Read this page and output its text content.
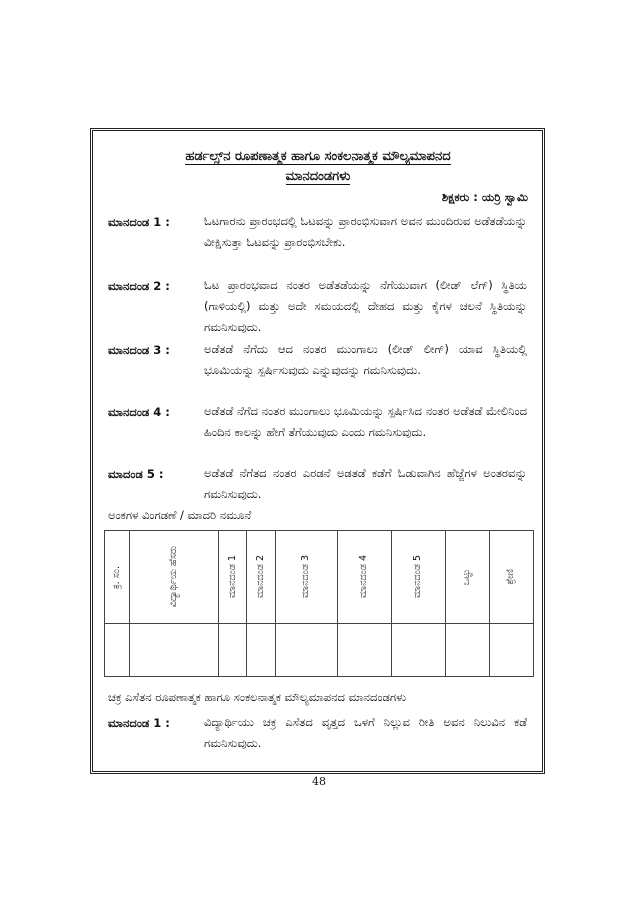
ಹರ್ಡಲ್ಸ್‌ನ ರೂಪಣಾತ್ಮಕ ಹಾಗೂ ಸಂಕಲನಾತ್ಮಕ ಮೌಲ್ಯಮಾಪನದ
ಮಾನದಂಡಗಳು
ಶಿಕ್ಷಕರು : ಯರ್ರಿ ಸ್ವಾಮಿ
ಮಾನದಂಡ 1 :	ಓಟಗಾರನು ಪ್ರಾರಂಭದಲ್ಲಿ ಓಟವನ್ನು ಪ್ರಾರಂಭಿಸುವಾಗ ಅವನ ಮುಂದಿರುವ ಅಡೆತಡೆಯನ್ನು ವೀಕ್ಷಿಸುತ್ತಾ ಓಟವನ್ನು ಪ್ರಾರಂಭಿಸಬೇಕು.
ಮಾನದಂಡ 2 :	ಓಟ ಪ್ರಾರಂಭವಾದ ನಂತರ ಅಡೆತಡೆಯನ್ನು ನೆಗೆಯುವಾಗ (ಲೀಡ್ ಲೆಗ್) ಸ್ಥಿತಿಯ (ಗಾಳಿಯಲ್ಲಿ) ಮತ್ತು ಅದೇ ಸಮಯದಲ್ಲಿ ದೇಹದ ಮತ್ತು ಕೈಗಳ ಚಲನೆ ಸ್ಥಿತಿಯನ್ನು ಗಮನಿಸುವುದು.
ಮಾನದಂಡ 3 :	ಅಡೆತಡೆ ನೆಗೆದು ಆದ ನಂತರ ಮುಂಗಾಲು (ಲೀಡ್ ಲೀಗ್) ಯಾವ ಸ್ಥಿತಿಯಲ್ಲಿ ಭೂಮಿಯನ್ನು ಸ್ಪರ್ಷಿಸುವುದು ಎನ್ನುವುದನ್ನು ಗಮನಿಸುವುದು.
ಮಾನದಂಡ 4 :	ಅಡೆತಡೆ ನೆಗೆದ ನಂತರ ಮುಂಗಾಲು ಭೂಮಿಯನ್ನು ಸ್ಪರ್ಷಿಸಿದ ನಂತರ ಅಡೆತಡೆ ಮೇಲಿನಿಂದ ಹಿಂದಿನ ಕಾಲನ್ನು ಹೇಗೆ ತೆಗೆಯುವುದು ಎಂದು ಗಮನಿಸುವುದು.
ಮಾದಂಡ 5 :	ಅಡೆತಡೆ ನೆಗೆತದ ನಂತರ ಎರಡನೆ ಅಡತಡೆ ಕಡೆಗೆ ಓಡುವಾಗಿನ ಹೆಜ್ಜೆಗಳ ಅಂತರವನ್ನು ಗಮನಿಸುವುದು.
ಅಂಕಗಳ ವಿಂಗಡಣೆ / ಮಾದರಿ ನಮೂನೆ
ಕ್ರ. ಸಂ.	ವಿದ್ಯಾರ್ಥಿಯ ಹೆಸರು	ಮಾನದಂಡ 1	ಮಾನದಂಡ 2	ಮಾನದಂಡ 3	ಮಾನದಂಡ 4	ಮಾನದಂಡ 5	ಒಟ್ಟು	ಶ್ರೇಣಿ

ಚಕ್ರ ಎಸೆತನ ರೂಪಣಾತ್ಮಕ ಹಾಗೂ ಸಂಕಲನಾತ್ಮಕ ಮೌಲ್ಯಮಾಪನದ ಮಾನದಂಡಗಳು
ಮಾನದಂಡ 1 :	ವಿದ್ಯಾರ್ಥಿಯು ಚಕ್ರ ಎಸೆತದ ವೃತ್ತದ ಒಳಗೆ ನಿಲ್ಲುವ ರೀತಿ ಅವನ ನಿಲುವಿನ ಕಡೆ ಗಮನಿಸುವುದು.
48
